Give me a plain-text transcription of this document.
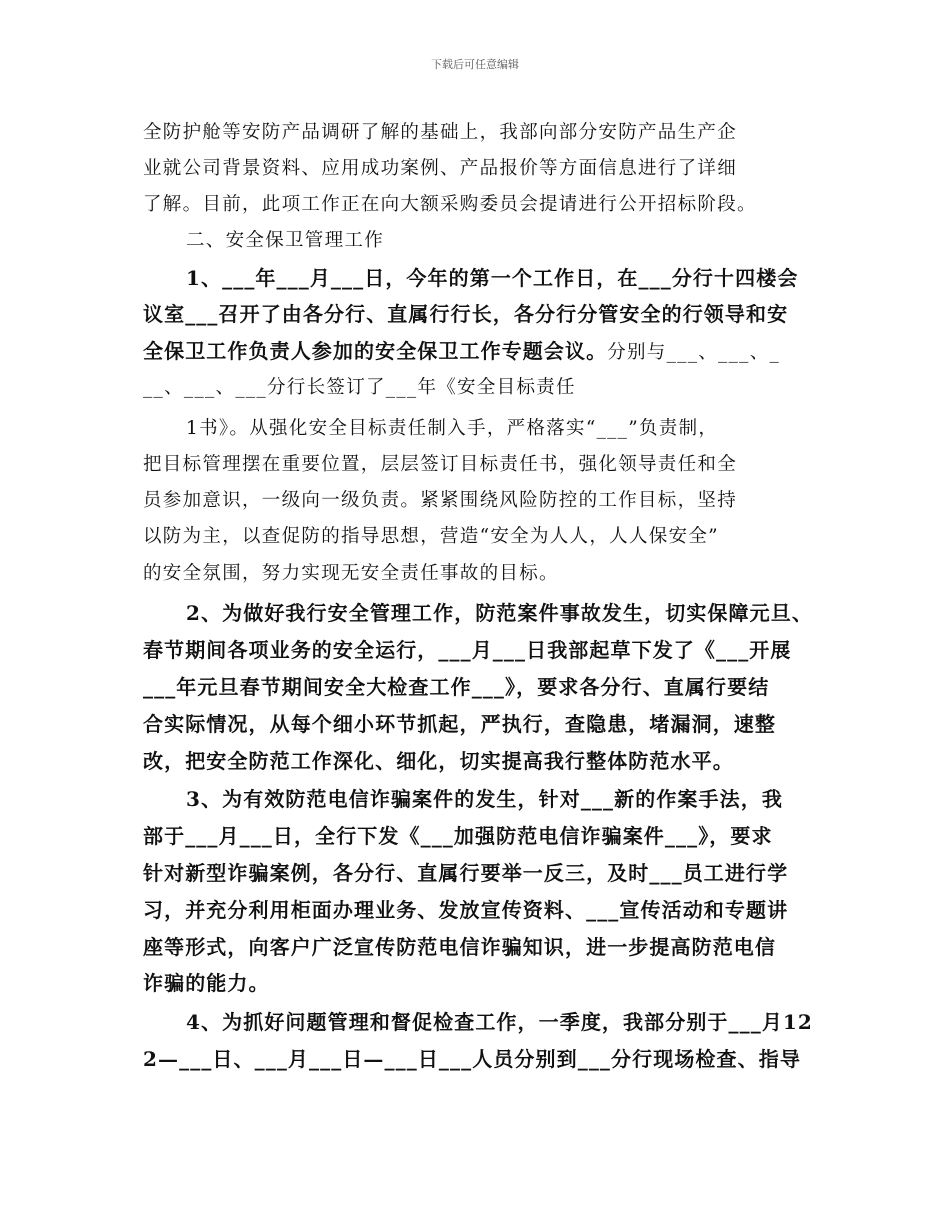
下载后可任意编辑
全防护舱等安防产品调研了解的基础上，我部向部分安防产品生产企
业就公司背景资料、应用成功案例、产品报价等方面信息进行了详细
了解。目前，此项工作正在向大额采购委员会提请进行公开招标阶段。
二、安全保卫管理工作
1、___年___月___日，今年的第一个工作日，在___分行十四楼会
议室___召开了由各分行、直属行行长，各分行分管安全的行领导和安
全保卫工作负责人参加的安全保卫工作专题会议。分别与___、___、_
__、___、___分行长签订了___年《安全目标责任
1书》。从强化安全目标责任制入手，严格落实“___”负责制，
把目标管理摆在重要位置，层层签订目标责任书，强化领导责任和全
员参加意识，一级向一级负责。紧紧围绕风险防控的工作目标，坚持
以防为主，以查促防的指导思想，营造“安全为人人，人人保安全”
的安全氛围，努力实现无安全责任事故的目标。
2、为做好我行安全管理工作，防范案件事故发生，切实保障元旦、
春节期间各项业务的安全运行，___月___日我部起草下发了《___开展
___年元旦春节期间安全大检查工作___》，要求各分行、直属行要结
合实际情况，从每个细小环节抓起，严执行，查隐患，堵漏洞，速整
改，把安全防范工作深化、细化，切实提高我行整体防范水平。
3、为有效防范电信诈骗案件的发生，针对___新的作案手法，我
部于___月___日，全行下发《___加强防范电信诈骗案件___》，要求
针对新型诈骗案例，各分行、直属行要举一反三，及时___员工进行学
习，并充分利用柜面办理业务、发放宣传资料、___宣传活动和专题讲
座等形式，向客户广泛宣传防范电信诈骗知识，进一步提高防范电信
诈骗的能力。
4、为抓好问题管理和督促检查工作，一季度，我部分别于___月12
2—___日、___月___日—___日___人员分别到___分行现场检查、指导
